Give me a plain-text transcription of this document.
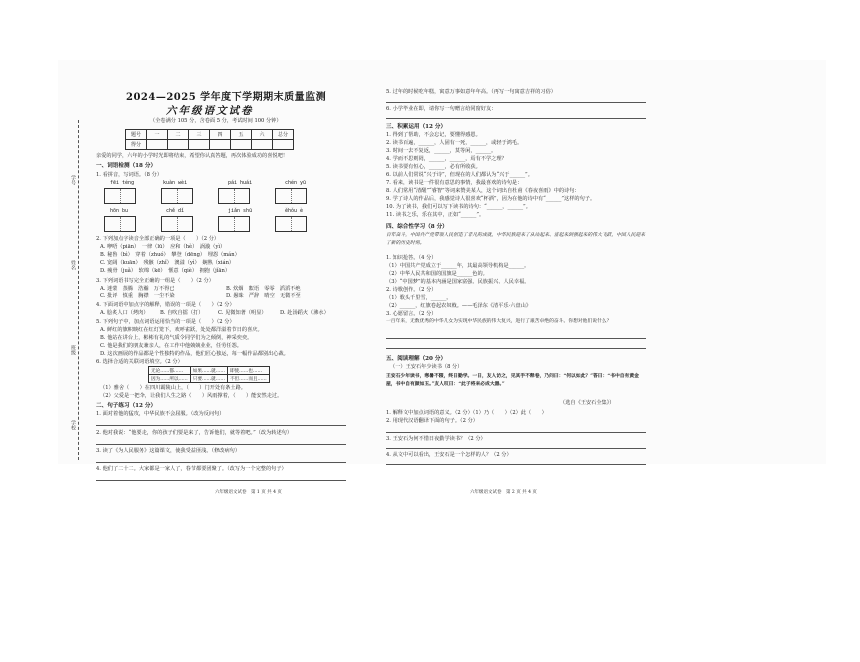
学号
姓名
班级
学校
2024—2025 学年度下学期期末质量监测
六年级语文试卷
（全卷满分 105 分，含卷面 5 分，考试时间 100 分钟）
题号	一	二	三	四	五	六	总分
得分							
亲爱的同学，六年的小学时光即将结束，希望你认真答题，再次体验成功的喜悦吧！
一、词语检测（18 分）
1. 看拼音，写词语。（8 分）
fēi téng	kuàn wèi	pái huái	chén yū
hōn bu	chě dǐ	jiǎn shū	ĕhǒu è
2. 下列加点字读音全部正确的一项是（　　）（2 分）
A. 咿唔（piān）　一律（lū）　应和（hè）　涡漩（yì）
B. 秘鲁（bì）　穿着（zhuó）　攀登（dēng）　埋怨（mán）
C. 宽阔（kuān）　残骸（zhǐ）　澳溢（yì）　娴熟（xián）
D. 瘦骨（juǎ）　软绵（kē）　惬意（qiè）　拥抱（jǐān）
3. 下列词语书写完全正确的一组是（　　）（2 分）
A. 迷蒙　蒸腾　浩瀚　万不得已	B. 炊烟　絮语　零零　滔滔不绝
C. 批评　慎重　胸襟　一尘不染	D. 愚昧　严辞　晴空　无微不至
4. 下面词语中加点字的解释，错误的一项是（　　）（2 分）
A. 脍炙人口（烤肉） B. 自吹自擂（打）	C. 见微知著（明显）	D. 赴汤蹈火（沸水）
5. 下列句子中，加点词语运用恰当的一项是（　　）（2 分）
A. 鲜红的旗帜映红在红灯笼下，欢呼雀跃，处处都洋溢着节日的喜庆。
B. 他站在讲台上，彬彬有礼的气质令同学们为之倾倒，神采奕奕。
C. 他是我们的朋友兼亲人，在工作中他兢兢业业，任劳任怨。
D. 这次画展的作品都是个性独特的作品，他们匠心独运，每一幅作品都别出心裁。
6. 选择合适的关联词语填空。（2 分）
无论……都……	如果……就……	即使……也……
因为……所以……	只要……就……	不但……而且……
（1）雅舍（　　）在四川霸陵山上，（　　）门开处有条土路。
（2）父爱是一把伞，让我们人生之路（　　）风雨撑着，（　　）能安然走过。
二、句子练习（12 分）
1. 面对着他的猛攻，中华民族不会屈服。（改为反问句）
2. 他对我说：“他要走，你的孩子们要是来了，告诉他们，就等着吧。”（改为转述句）
3. 读了《为人民服务》这篇课文，使我受益匪浅。（修改病句）
4. 他们了二十二。大家都是一家人了，春节都要团聚了。（改写为一个完整的句子）
六年级语文试卷　第 1 页 共 4 页
5. 过年的时候吃年糕，寓意万事如意年年高。（再写一句寓意吉祥的习俗）
6. 小学毕业在即，请你写一句赠言给同窗好友：
三、积累运用（12 分）
1. 得到了帮助，不会忘记，要懂得感恩。
2. 读书百遍，______，人固有一死，______，或轻于鸿毛。
3. 时间一去不复返，______，莫等闲，______。
4. 学而不思则罔，______，______，焉有不学之理？
5. 读书要有恒心，______，必有所收获。
6. 以前人们常说“兴于诗”，但现在的人们都认为“兴于______”。
7. 看来，读书是一件很有意思的事情，我最喜欢的诗句是：
8. 人们常用“清醒”“睿智”等词来赞美某人，这个词出自杜甫《春夜喜雨》中的诗句：
9. 学了诗人的作品后，我感觉诗人很喜欢“杯酒”，因为在他的诗中有“______”这样的句子。
10. 为了读书，我们可以写下读书的诗句：“______，______”。
11. 读书之乐，乐在其中，正如“______”。
四、综合性学习（8 分）
百年奋斗，中国共产党带领人民创造了非凡的成就，中华民族迎来了从站起来、富起来到强起来的伟大飞跃，中国人民迎来了新的历史时刻。
1. 知识抢答。（4 分）
（1）中国共产党成立于______年，其最高领导机构是______。
（2）中华人民共和国的国旗是______色的。
（3）“中国梦”的基本内涵是国家富强、民族振兴、人民幸福。
2. 诗歌创作。（2 分）
（1）歌头千里雪，______。
（2）______，红旗卷起农奴戟。——毛泽东《清平乐·六盘山》
3. 心愿留言。（2 分）
一百年来，无数优秀的中华儿女为实现中华民族的伟大复兴，进行了艰苦卓绝的奋斗。你想对他们说什么？
五、阅读理解（20 分）
（一）王安石年少读书（8 分）
王安石少年读书，寒暑不辍，终日勤学。一日，友人访之，见其手不释卷，乃问曰：“何以如此？”答曰：“书中自有黄金屋，书中自有颜如玉。”友人叹曰：“此子将来必成大器。”
（选自《王安石全集》）
1. 解释文中加点词语的意义。（2 分）（1）乃（　　）（2）此（　　）
2. 用现代汉语翻译下面的句子。（2 分）
3. 王安石为何不惜日夜勤学读书？（2 分）
4. 从文中可以看出，王安石是一个怎样的人？（2 分）
六年级语文试卷　第 2 页 共 4 页
